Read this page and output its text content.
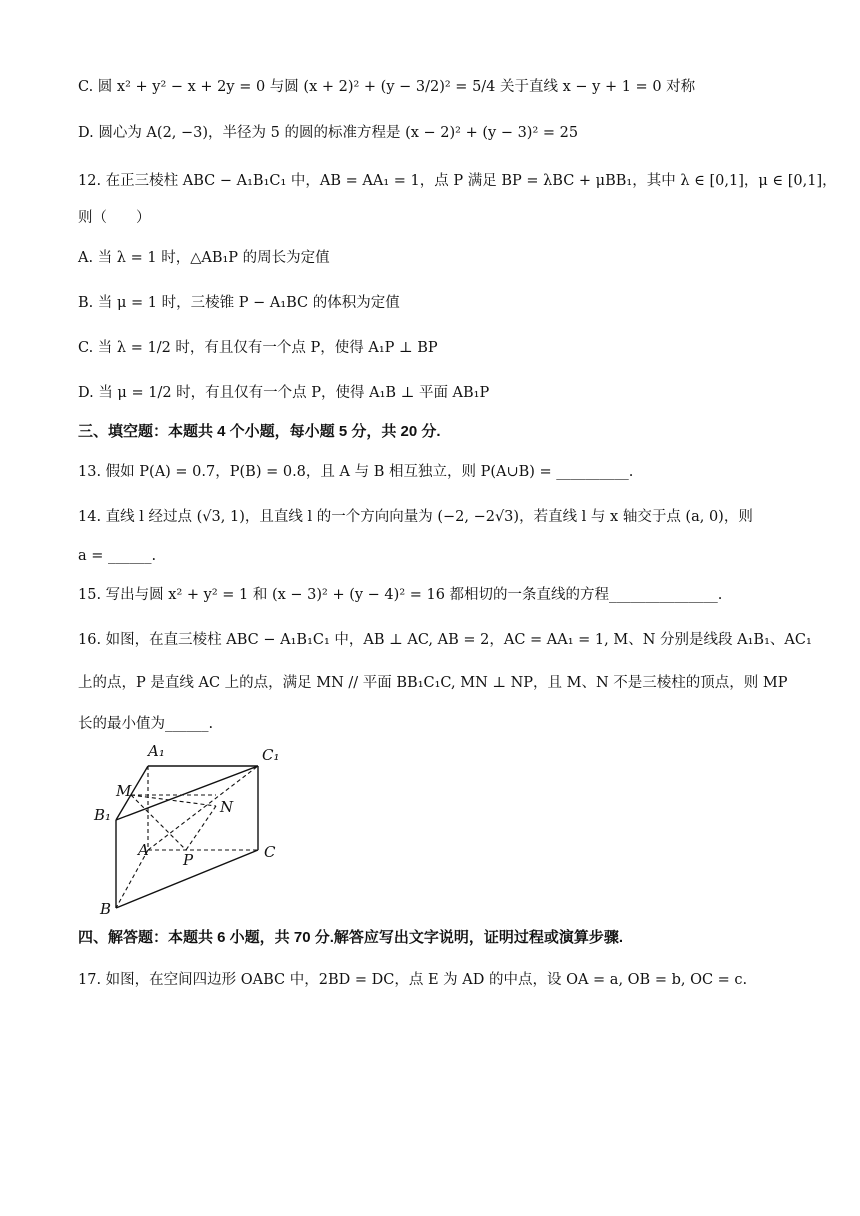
C. 圆 x² + y² − x + 2y = 0 与圆 (x + 2)² + (y − 3/2)² = 5/4 关于直线 x − y + 1 = 0 对称
D. 圆心为 A(2, −3)，半径为 5 的圆的标准方程是 (x − 2)² + (y − 3)² = 25
12. 在正三棱柱 ABC − A₁B₁C₁ 中，AB = AA₁ = 1，点 P 满足 BP = λBC + μBB₁，其中 λ ∈ [0,1]，μ ∈ [0,1]，
则（　　）
A. 当 λ = 1 时，△AB₁P 的周长为定值
B. 当 μ = 1 时，三棱锥 P − A₁BC 的体积为定值
C. 当 λ = 1/2 时，有且仅有一个点 P，使得 A₁P ⊥ BP
D. 当 μ = 1/2 时，有且仅有一个点 P，使得 A₁B ⊥ 平面 AB₁P
三、填空题：本题共 4 个小题，每小题 5 分，共 20 分.
13. 假如 P(A) = 0.7，P(B) = 0.8，且 A 与 B 相互独立，则 P(A∪B) = __________.
14. 直线 l 经过点 (√3, 1)，且直线 l 的一个方向向量为 (−2, −2√3)，若直线 l 与 x 轴交于点 (a, 0)，则
a = ______.
15. 写出与圆 x² + y² = 1 和 (x − 3)² + (y − 4)² = 16 都相切的一条直线的方程_______________.
16. 如图，在直三棱柱 ABC − A₁B₁C₁ 中，AB ⊥ AC, AB = 2，AC = AA₁ = 1, M、N 分别是线段 A₁B₁、AC₁
上的点，P 是直线 AC 上的点，满足 MN // 平面 BB₁C₁C, MN ⊥ NP，且 M、N 不是三棱柱的顶点，则 MP
长的最小值为______.
A₁	C₁
M
B₁	N
A
P	C
B
四、解答题：本题共 6 小题，共 70 分.解答应写出文字说明，证明过程或演算步骤.
17. 如图，在空间四边形 OABC 中，2BD = DC，点 E 为 AD 的中点，设 OA = a, OB = b, OC = c.
